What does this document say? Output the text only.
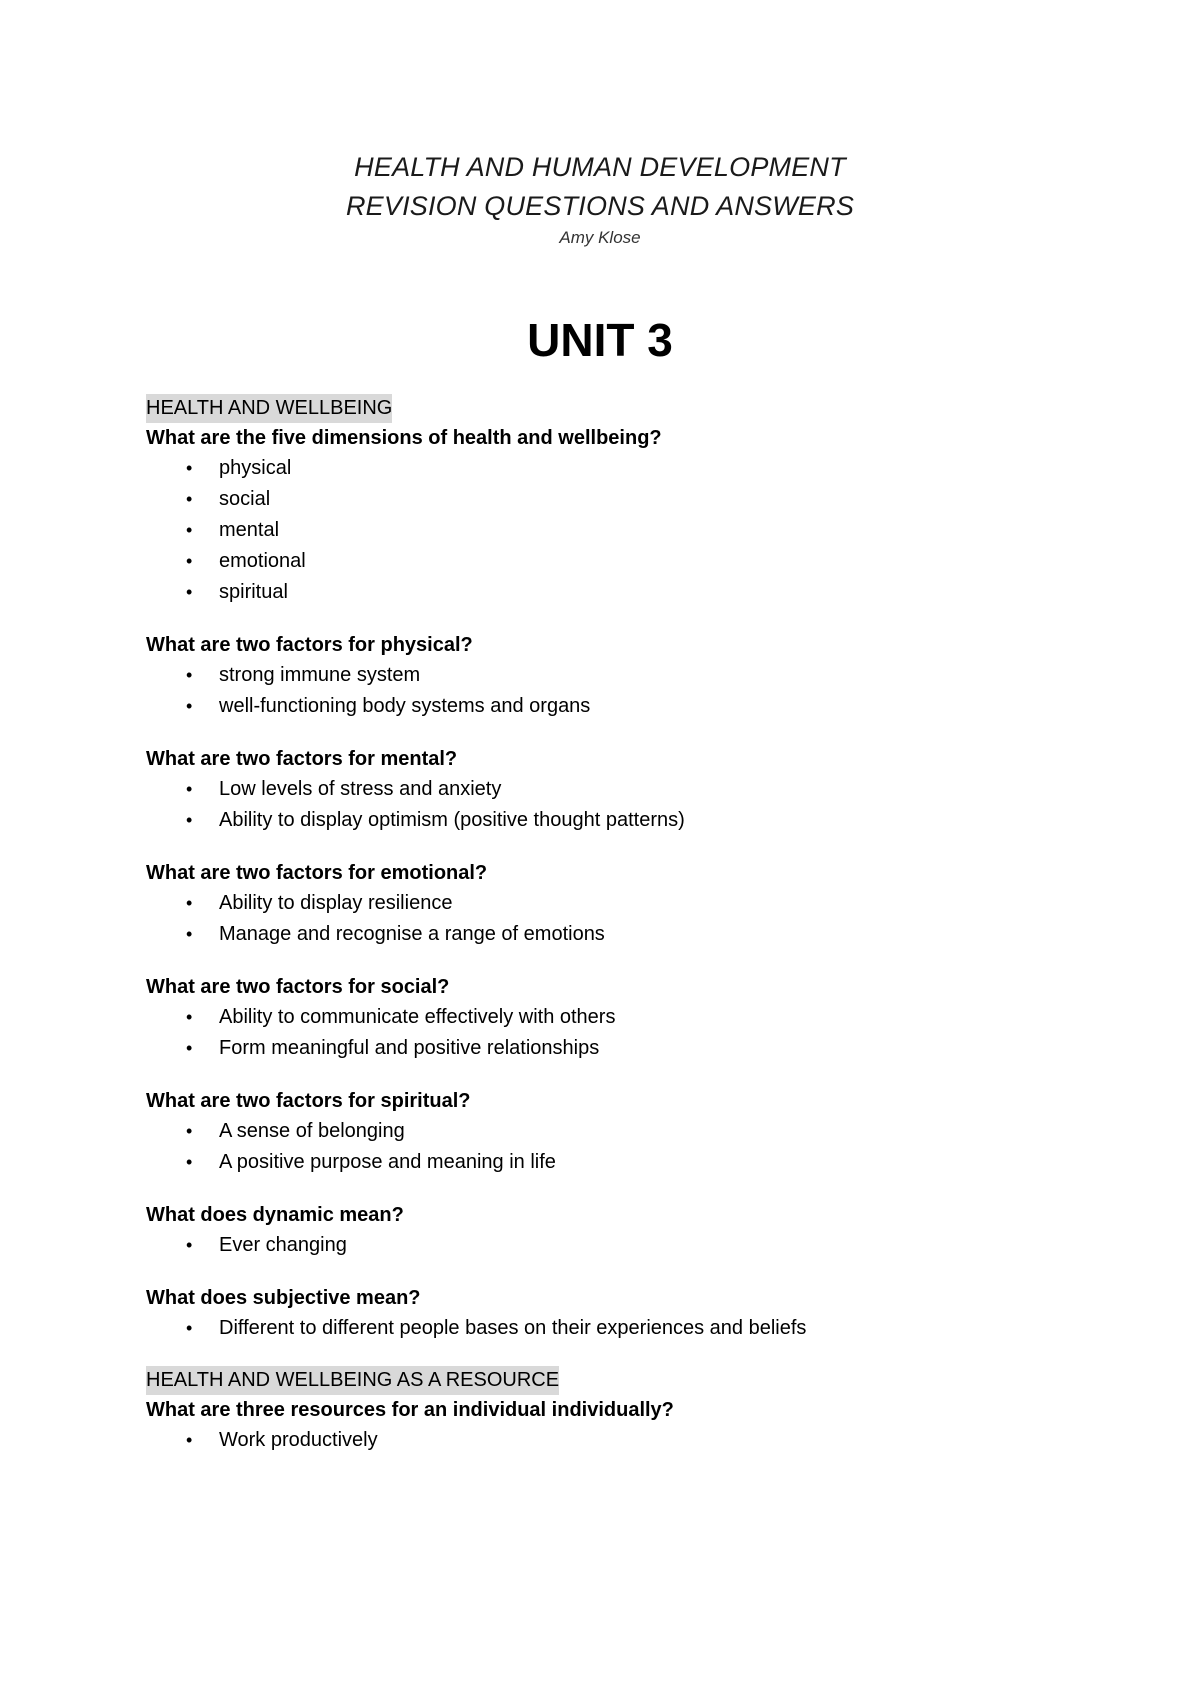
HEALTH AND HUMAN DEVELOPMENT
REVISION QUESTIONS AND ANSWERS
Amy Klose
UNIT 3
HEALTH AND WELLBEING
What are the five dimensions of health and wellbeing?
• physical
• social
• mental
• emotional
• spiritual
What are two factors for physical?
• strong immune system
• well-functioning body systems and organs
What are two factors for mental?
• Low levels of stress and anxiety
• Ability to display optimism (positive thought patterns)
What are two factors for emotional?
• Ability to display resilience
• Manage and recognise a range of emotions
What are two factors for social?
• Ability to communicate effectively with others
• Form meaningful and positive relationships
What are two factors for spiritual?
• A sense of belonging
• A positive purpose and meaning in life
What does dynamic mean?
• Ever changing
What does subjective mean?
• Different to different people bases on their experiences and beliefs
HEALTH AND WELLBEING AS A RESOURCE
What are three resources for an individual individually?
• Work productively
